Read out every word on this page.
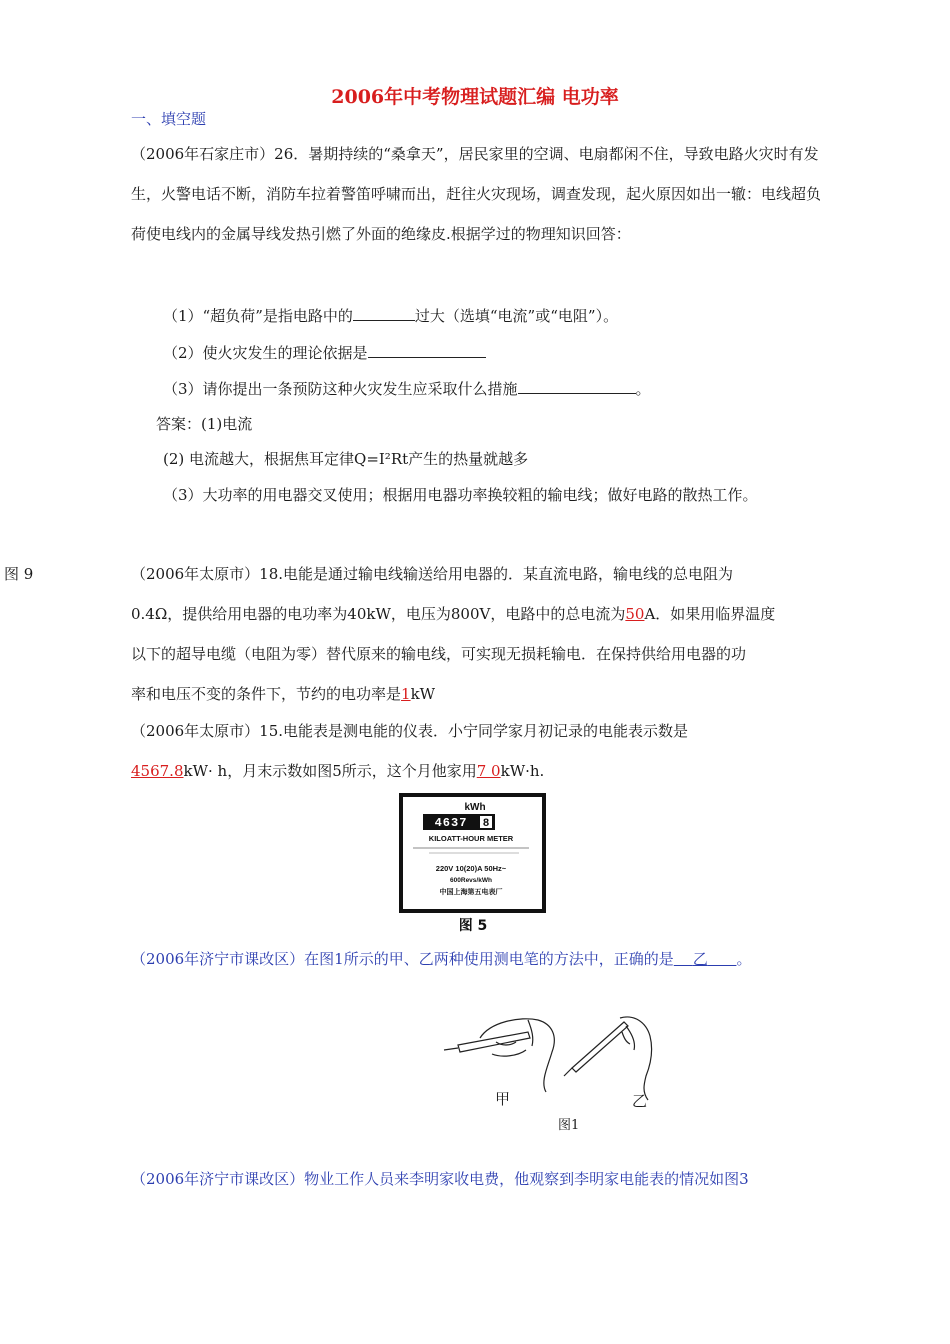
2006年中考物理试题汇编 电功率
一、填空题
（2006年石家庄市）26．暑期持续的“桑拿天”，居民家里的空调、电扇都闲不住，导致电路火灾时有发生，火警电话不断，消防车拉着警笛呼啸而出，赶往火灾现场，调查发现，起火原因如出一辙：电线超负荷使电线内的金属导线发热引燃了外面的绝缘皮.根据学过的物理知识回答：
（1）“超负荷”是指电路中的	过大（选填“电流”或“电阻”）。
（2）使火灾发生的理论依据是
（3）请你提出一条预防这种火灾发生应采取什么措施	。
答案：(1)电流
(2) 电流越大，根据焦耳定律Q=I²Rt产生的热量就越多
（3）大功率的用电器交叉使用；根据用电器功率换较粗的输电线；做好电路的散热工作。
图 9	（2006年太原市）18.电能是通过输电线输送给用电器的．某直流电路，输电线的总电阻为
0.4Ω，提供给用电器的电功率为40kW，电压为800V，电路中的总电流为50A．如果用临界温度
以下的超导电缆（电阻为零）替代原来的输电线，可实现无损耗输电．在保持供给用电器的功
率和电压不变的条件下，节约的电功率是1kW
（2006年太原市）15.电能表是测电能的仪表．小宁同学家月初记录的电能表示数是
4567.8kW· h，月末示数如图5所示，这个月他家用7 0kW·h.
kWh
4637 8
KILOATT-HOUR METER
220V 10(20)A 50Hz~
600Revs/kWh
中国上海第五电表厂
图 5
（2006年济宁市课改区）在图1所示的甲、乙两种使用测电笔的方法中，正确的是 乙 。
甲	乙
图1
（2006年济宁市课改区）物业工作人员来李明家收电费，他观察到李明家电能表的情况如图3
